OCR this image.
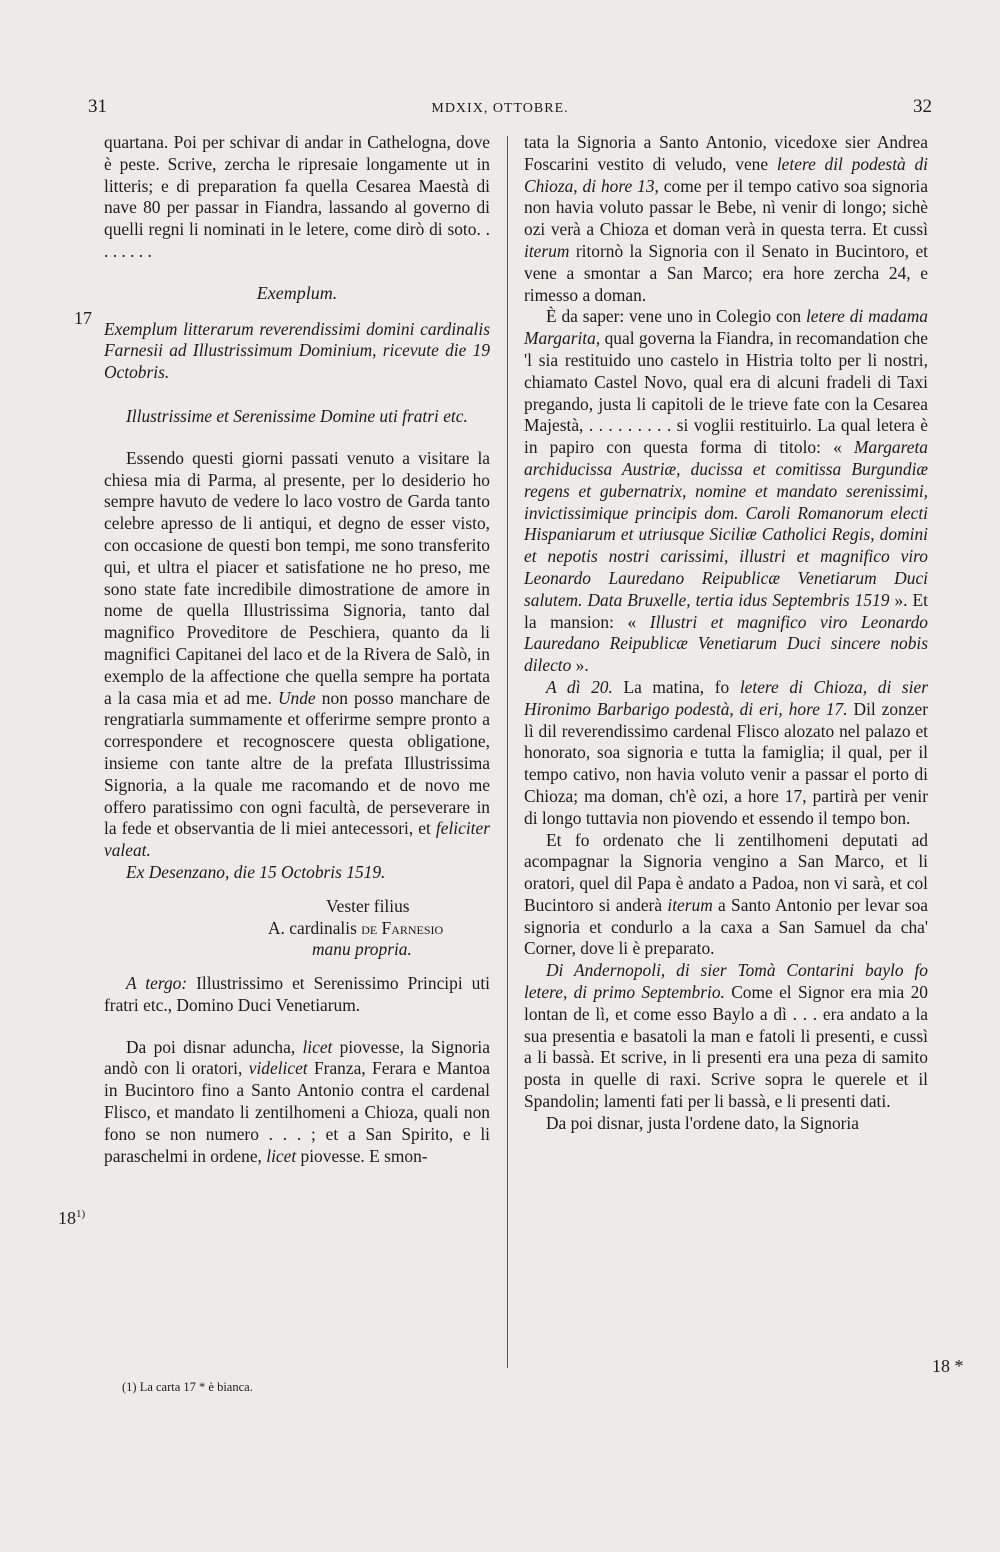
31	MDXIX, OTTOBRE.	32
17
18$^{1)}$
18 *

quartana. Poi per schivar di andar in Cathelogna, dove è peste. Scrive, zercha le ripresaie longamente ut in litteris; e di preparation fa quella Cesarea Maestà di nave 80 per passar in Fiandra, lassando al governo di quelli regni li nominati in le letere, come dirò di soto. . . . . . . .

Exemplum.

Exemplum litterarum reverendissimi domini cardinalis Farnesii ad Illustrissimum Dominium, ricevute die 19 Octobris.

Illustrissime et Serenissime Domine uti fratri etc.

Essendo questi giorni passati venuto a visitare la chiesa mia di Parma, al presente, per lo desiderio ho sempre havuto de vedere lo laco vostro de Garda tanto celebre apresso de li antiqui, et degno de esser visto, con occasione de questi bon tempi, me sono transferito qui, et ultra el piacer et satisfatione ne ho preso, me sono state fate incredibile dimostratione de amore in nome de quella Illustrissima Signoria, tanto dal magnifico Proveditore de Peschiera, quanto da li magnifici Capitanei del laco et de la Rivera de Salò, in exemplo de la affectione che quella sempre ha portata a la casa mia et ad me. Unde non posso manchare de rengratiarla summamente et offerirme sempre pronto a correspondere et recognoscere questa obligatione, insieme con tante altre de la prefata Illustrissima Signoria, a la quale me racomando et de novo me offero paratissimo con ogni facultà, de perseverare in la fede et observantia de li miei antecessori, et feliciter valeat.

Ex Desenzano, die 15 Octobris 1519.

Vester filius

A. cardinalis de Farnesio

manu propria.

A tergo: Illustrissimo et Serenissimo Principi uti fratri etc., Domino Duci Venetiarum.

Da poi disnar aduncha, licet piovesse, la Signoria andò con li oratori, videlicet Franza, Ferara e Mantoa in Bucintoro fino a Santo Antonio contra el cardenal Flisco, et mandato li zentilhomeni a Chioza, quali non fono se non numero . . . ; et a San Spirito, e li paraschelmi in ordene, licet piovesse. E smon-

(1) La carta 17 * è bianca.

tata la Signoria a Santo Antonio, vicedoxe sier Andrea Foscarini vestito di veludo, vene letere dil podestà di Chioza, di hore 13, come per il tempo cativo soa signoria non havia voluto passar le Bebe, nì venir di longo; sichè ozi verà a Chioza et doman verà in questa terra. Et cussì iterum ritornò la Signoria con il Senato in Bucintoro, et vene a smontar a San Marco; era hore zercha 24, e rimesso a doman.

È da saper: vene uno in Colegio con letere di madama Margarita, qual governa la Fiandra, in recomandation che 'l sia restituido uno castelo in Histria tolto per li nostri, chiamato Castel Novo, qual era di alcuni fradeli di Taxi pregando, justa li capitoli de le trieve fate con la Cesarea Majestà, . . . . . . . . . si voglii restituirlo. La qual letera è in papiro con questa forma di titolo: « Margareta archiducissa Austriæ, ducissa et comitissa Burgundiæ regens et gubernatrix, nomine et mandato serenissimi, invictissimique principis dom. Caroli Romanorum electi Hispaniarum et utriusque Siciliæ Catholici Regis, domini et nepotis nostri carissimi, illustri et magnifico viro Leonardo Lauredano Reipublicæ Venetiarum Duci salutem. Data Bruxelle, tertia idus Septembris 1519 ». Et la mansion: « Illustri et magnifico viro Leonardo Lauredano Reipublicæ Venetiarum Duci sincere nobis dilecto ».

A dì 20. La matina, fo letere di Chioza, di sier Hironimo Barbarigo podestà, di eri, hore 17. Dil zonzer lì dil reverendissimo cardenal Flisco alozato nel palazo et honorato, soa signoria e tutta la famiglia; il qual, per il tempo cativo, non havia voluto venir a passar el porto di Chioza; ma doman, ch'è ozi, a hore 17, partirà per venir di longo tuttavia non piovendo et essendo il tempo bon.

Et fo ordenato che li zentilhomeni deputati ad acompagnar la Signoria vengino a San Marco, et li oratori, quel dil Papa è andato a Padoa, non vi sarà, et col Bucintoro si anderà iterum a Santo Antonio per levar soa signoria et condurlo a la caxa a San Samuel da cha' Corner, dove li è preparato.

Di Andernopoli, di sier Tomà Contarini baylo fo letere, di primo Septembrio. Come el Signor era mia 20 lontan de lì, et come esso Baylo a dì . . . era andato a la sua presentia e basatoli la man e fatoli li presenti, e cussì a li bassà. Et scrive, in li presenti era una peza di samito posta in quelle di raxi. Scrive sopra le querele et il Spandolin; lamenti fati per li bassà, e li presenti dati.

Da poi disnar, justa l'ordene dato, la Signoria
